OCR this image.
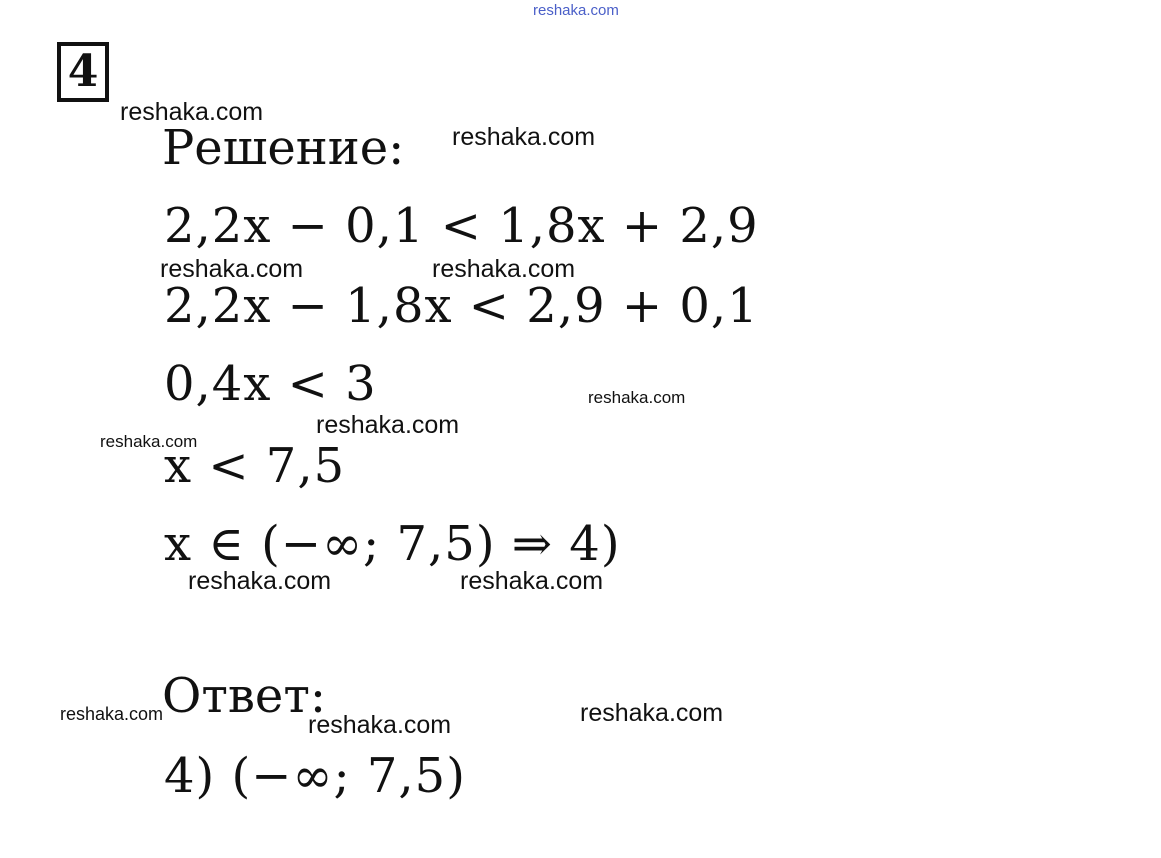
reshaka.com
4
Решение:
2,2x − 0,1 < 1,8x + 2,9
2,2x − 1,8x < 2,9 + 0,1
0,4x < 3
x < 7,5
x ∈ (−∞; 7,5) ⇒ 4)
Ответ:
4) (−∞; 7,5)
reshaka.com
reshaka.com
reshaka.com	reshaka.com
reshaka.com
reshaka.com
reshaka.com
reshaka.com	reshaka.com
reshaka.com	reshaka.com	reshaka.com
